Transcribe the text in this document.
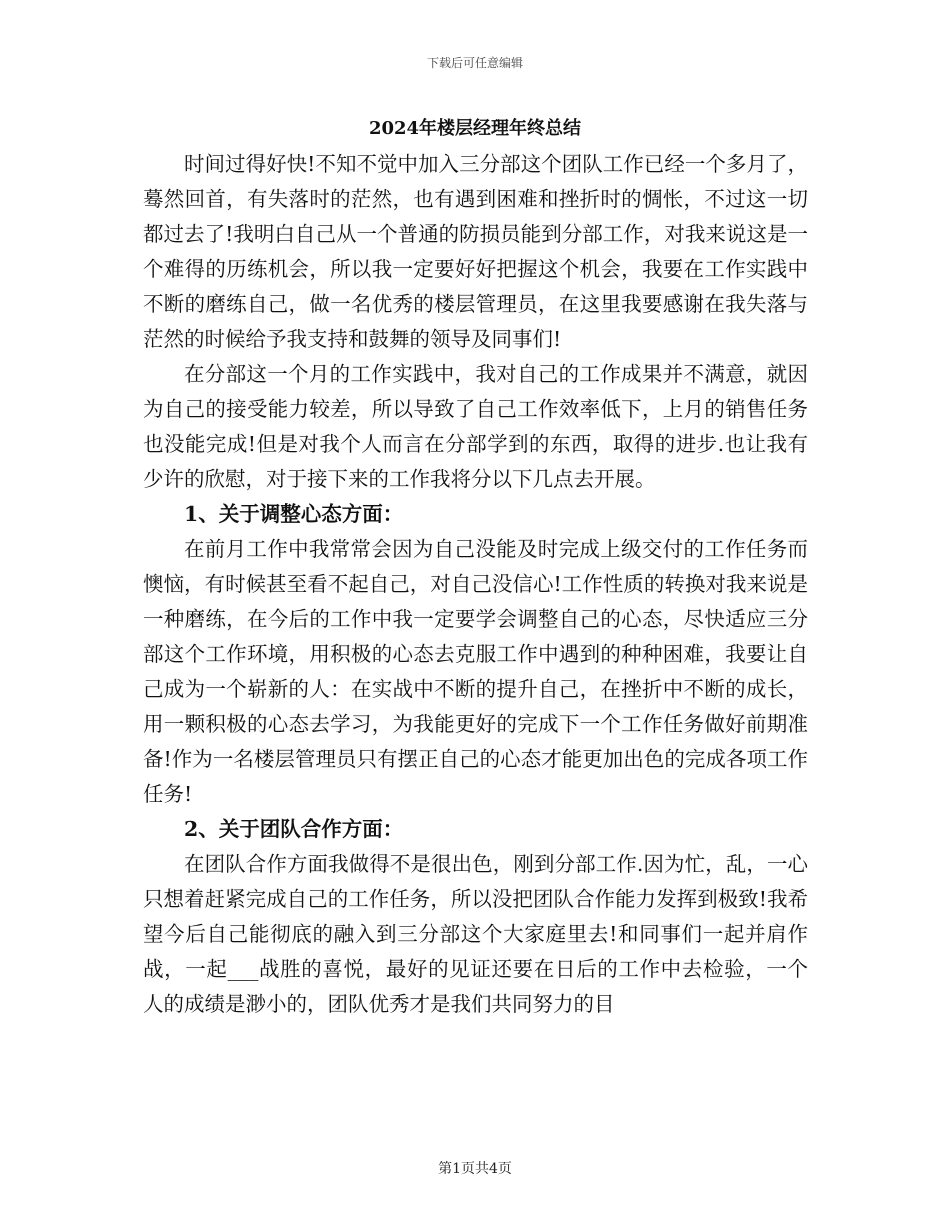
下载后可任意编辑
2024年楼层经理年终总结

时间过得好快!不知不觉中加入三分部这个团队工作已经一个多月了，蓦然回首，有失落时的茫然，也有遇到困难和挫折时的惆怅，不过这一切都过去了!我明白自己从一个普通的防损员能到分部工作，对我来说这是一个难得的历练机会，所以我一定要好好把握这个机会，我要在工作实践中不断的磨练自己，做一名优秀的楼层管理员，在这里我要感谢在我失落与茫然的时候给予我支持和鼓舞的领导及同事们!

在分部这一个月的工作实践中，我对自己的工作成果并不满意，就因为自己的接受能力较差，所以导致了自己工作效率低下，上月的销售任务也没能完成!但是对我个人而言在分部学到的东西，取得的进步.也让我有少许的欣慰，对于接下来的工作我将分以下几点去开展。

1、关于调整心态方面：

在前月工作中我常常会因为自己没能及时完成上级交付的工作任务而懊恼，有时候甚至看不起自己，对自己没信心!工作性质的转换对我来说是一种磨练，在今后的工作中我一定要学会调整自己的心态，尽快适应三分部这个工作环境，用积极的心态去克服工作中遇到的种种困难，我要让自己成为一个崭新的人：在实战中不断的提升自己，在挫折中不断的成长，用一颗积极的心态去学习，为我能更好的完成下一个工作任务做好前期准备!作为一名楼层管理员只有摆正自己的心态才能更加出色的完成各项工作任务!

2、关于团队合作方面：

在团队合作方面我做得不是很出色，刚到分部工作.因为忙，乱，一心只想着赶紧完成自己的工作任务，所以没把团队合作能力发挥到极致!我希望今后自己能彻底的融入到三分部这个大家庭里去!和同事们一起并肩作战，一起___战胜的喜悦，最好的见证还要在日后的工作中去检验，一个人的成绩是渺小的，团队优秀才是我们共同努力的目

第1页共4页
